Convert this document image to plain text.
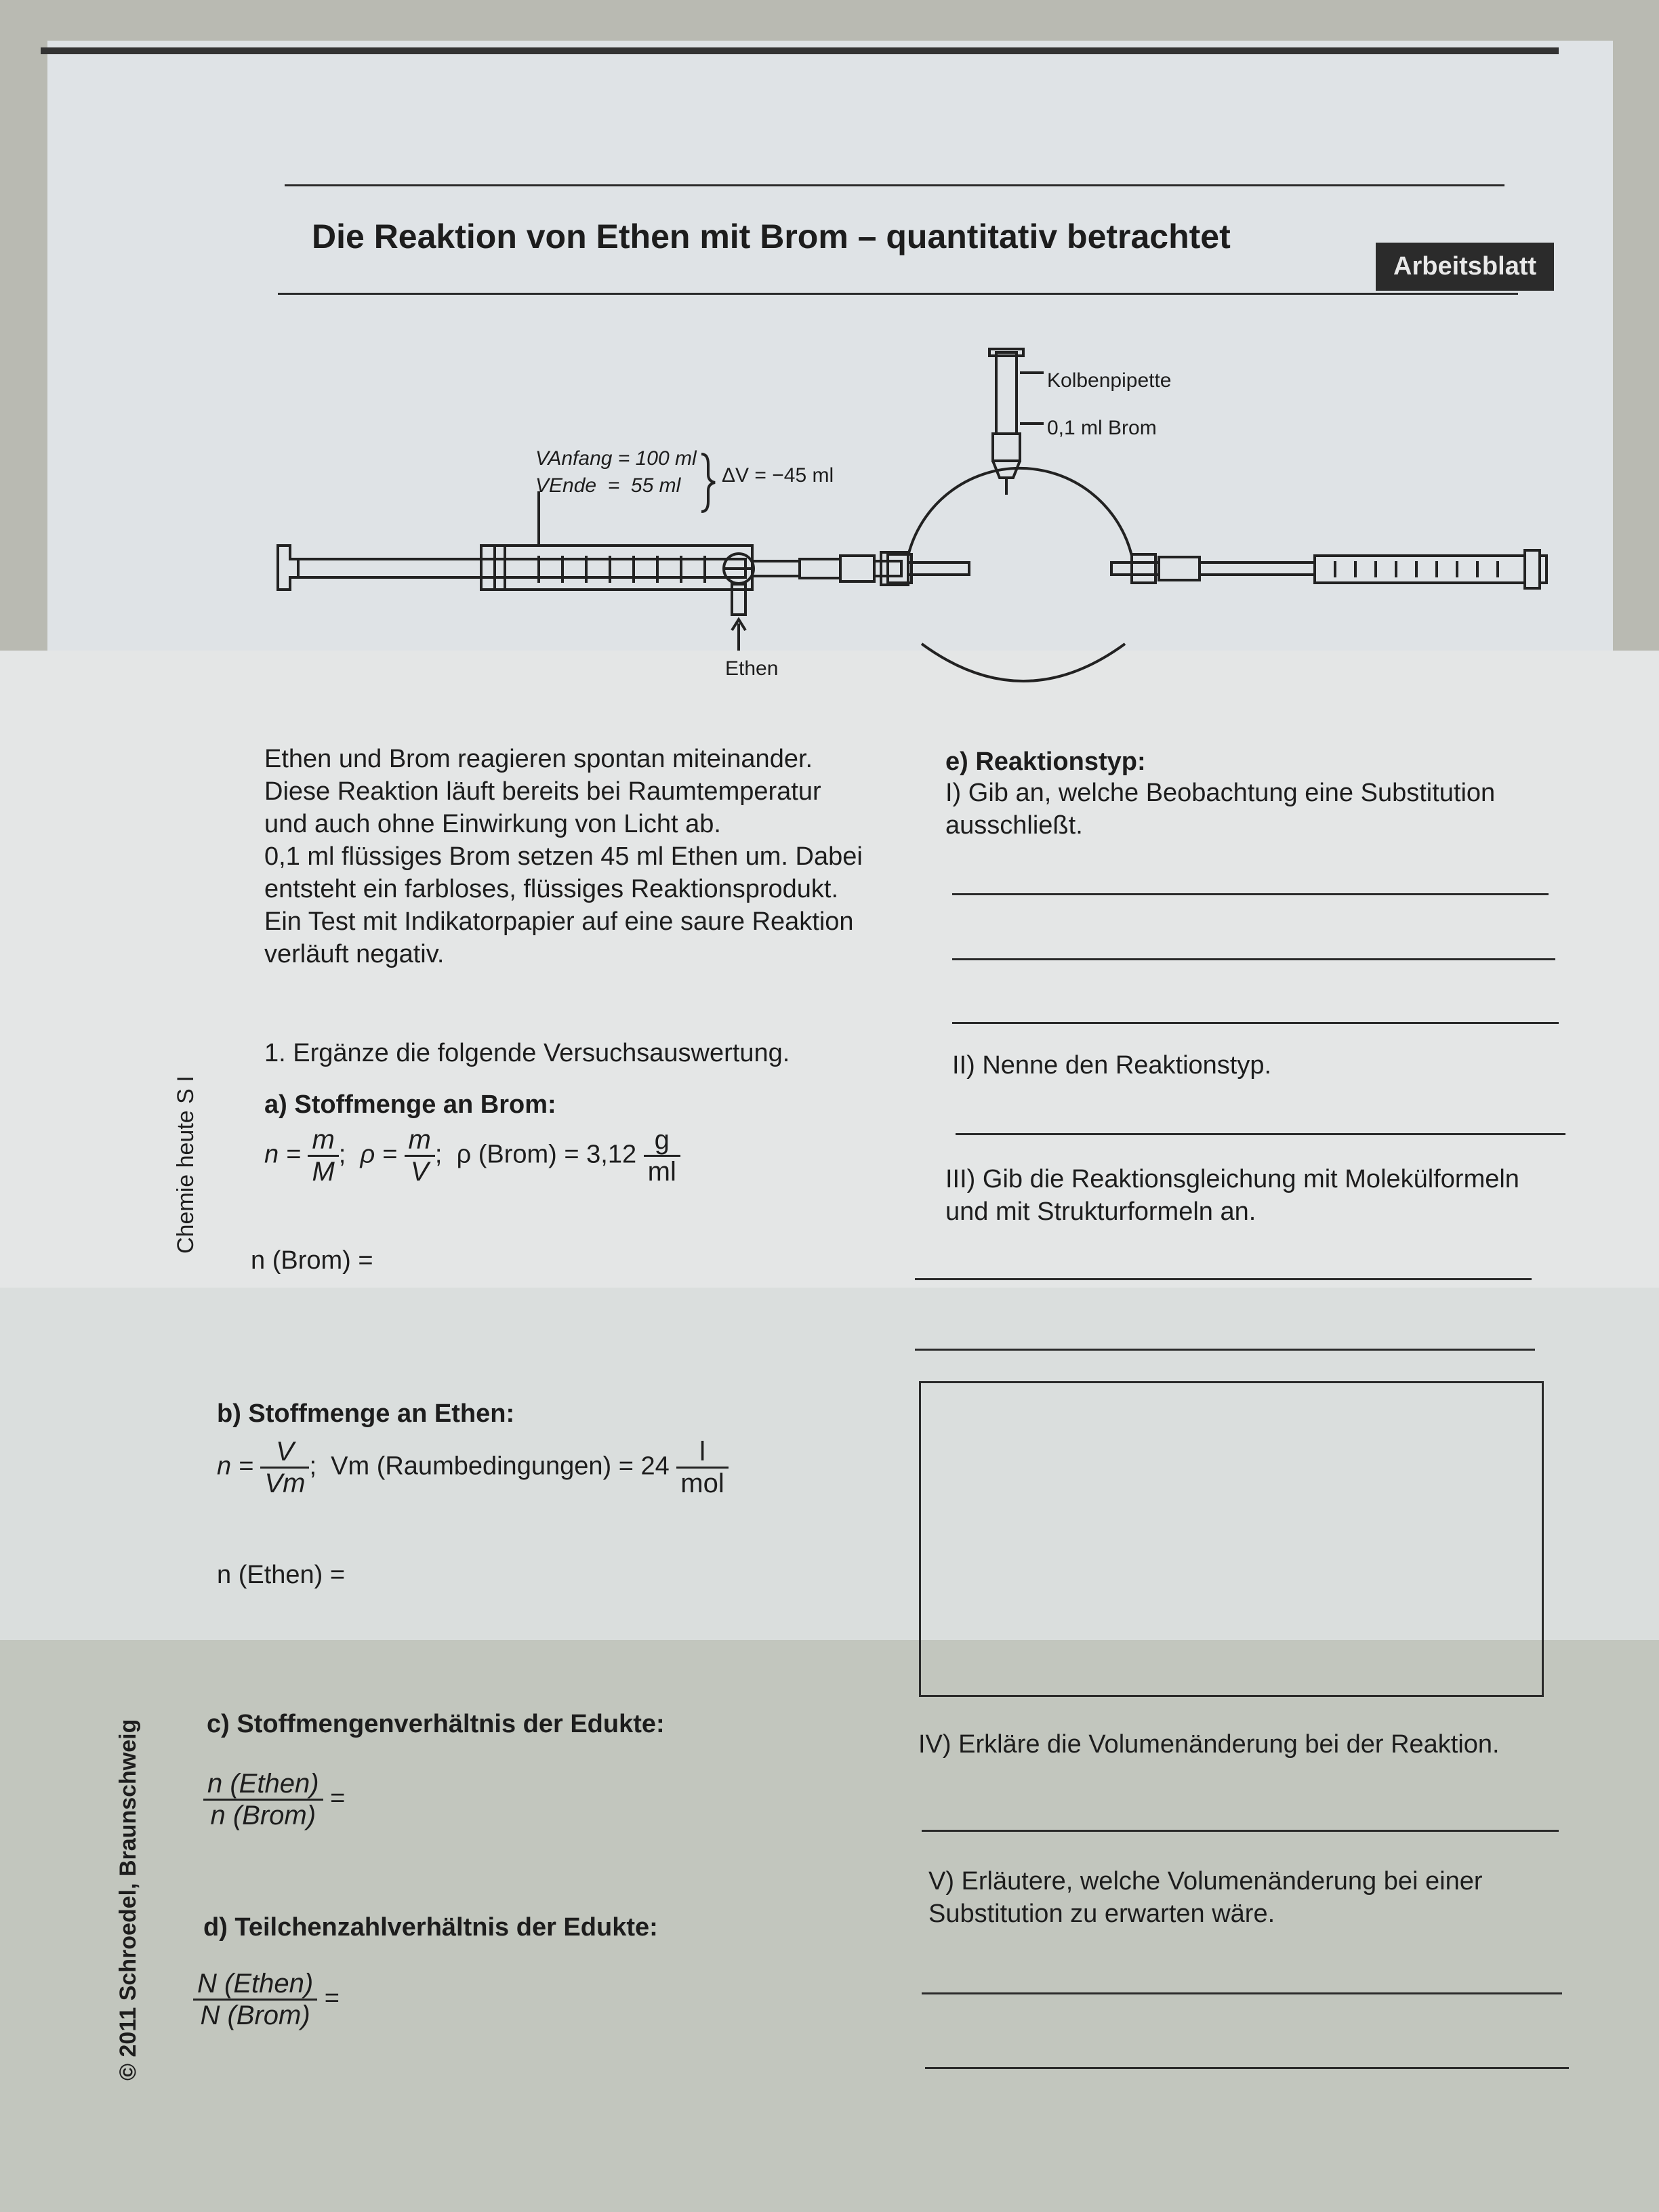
Die Reaktion von Ethen mit Brom – quantitativ betrachtet
Arbeitsblatt
Kolbenpipette
0,1 ml Brom
VAnfang = 100 ml
VEnde  =  55 ml ΔV = −45 ml
Ethen
Chemie heute S I
© 2011 Schroedel, Braunschweig
Ethen und Brom reagieren spontan miteinander.
Diese Reaktion läuft bereits bei Raumtemperatur
und auch ohne Einwirkung von Licht ab.
0,1 ml flüssiges Brom setzen 45 ml Ethen um. Dabei
entsteht ein farbloses, flüssiges Reaktionsprodukt.
Ein Test mit Indikatorpapier auf eine saure Reaktion
verläuft negativ.
1. Ergänze die folgende Versuchsauswertung.
a) Stoffmenge an Brom:
$n = \frac{m}{M}$ ; $\rho = \frac{m}{V}$ ; ρ (Brom) = $3,12 \frac{g}{ml}$
n (Brom) =
b) Stoffmenge an Ethen:
$n = \frac{V}{Vm}$ ; Vm (Raumbedingungen) = $24 \frac{l}{\text{mol}}$
n (Ethen) =
c) Stoffmengenverhältnis der Edukte:
$\frac{\text{n (Ethen)}}{\text{n (Brom)}}$ =
d) Teilchenzahlverhältnis der Edukte:
$\frac{\text{N (Ethen)}}{\text{N (Brom)}}$ =
e) Reaktionstyp:
I) Gib an, welche Beobachtung eine Substitution
ausschließt.
II) Nenne den Reaktionstyp.
III) Gib die Reaktionsgleichung mit Molekülformeln
und mit Strukturformeln an.
IV) Erkläre die Volumenänderung bei der Reaktion.
V) Erläutere, welche Volumenänderung bei einer
Substitution zu erwarten wäre.
